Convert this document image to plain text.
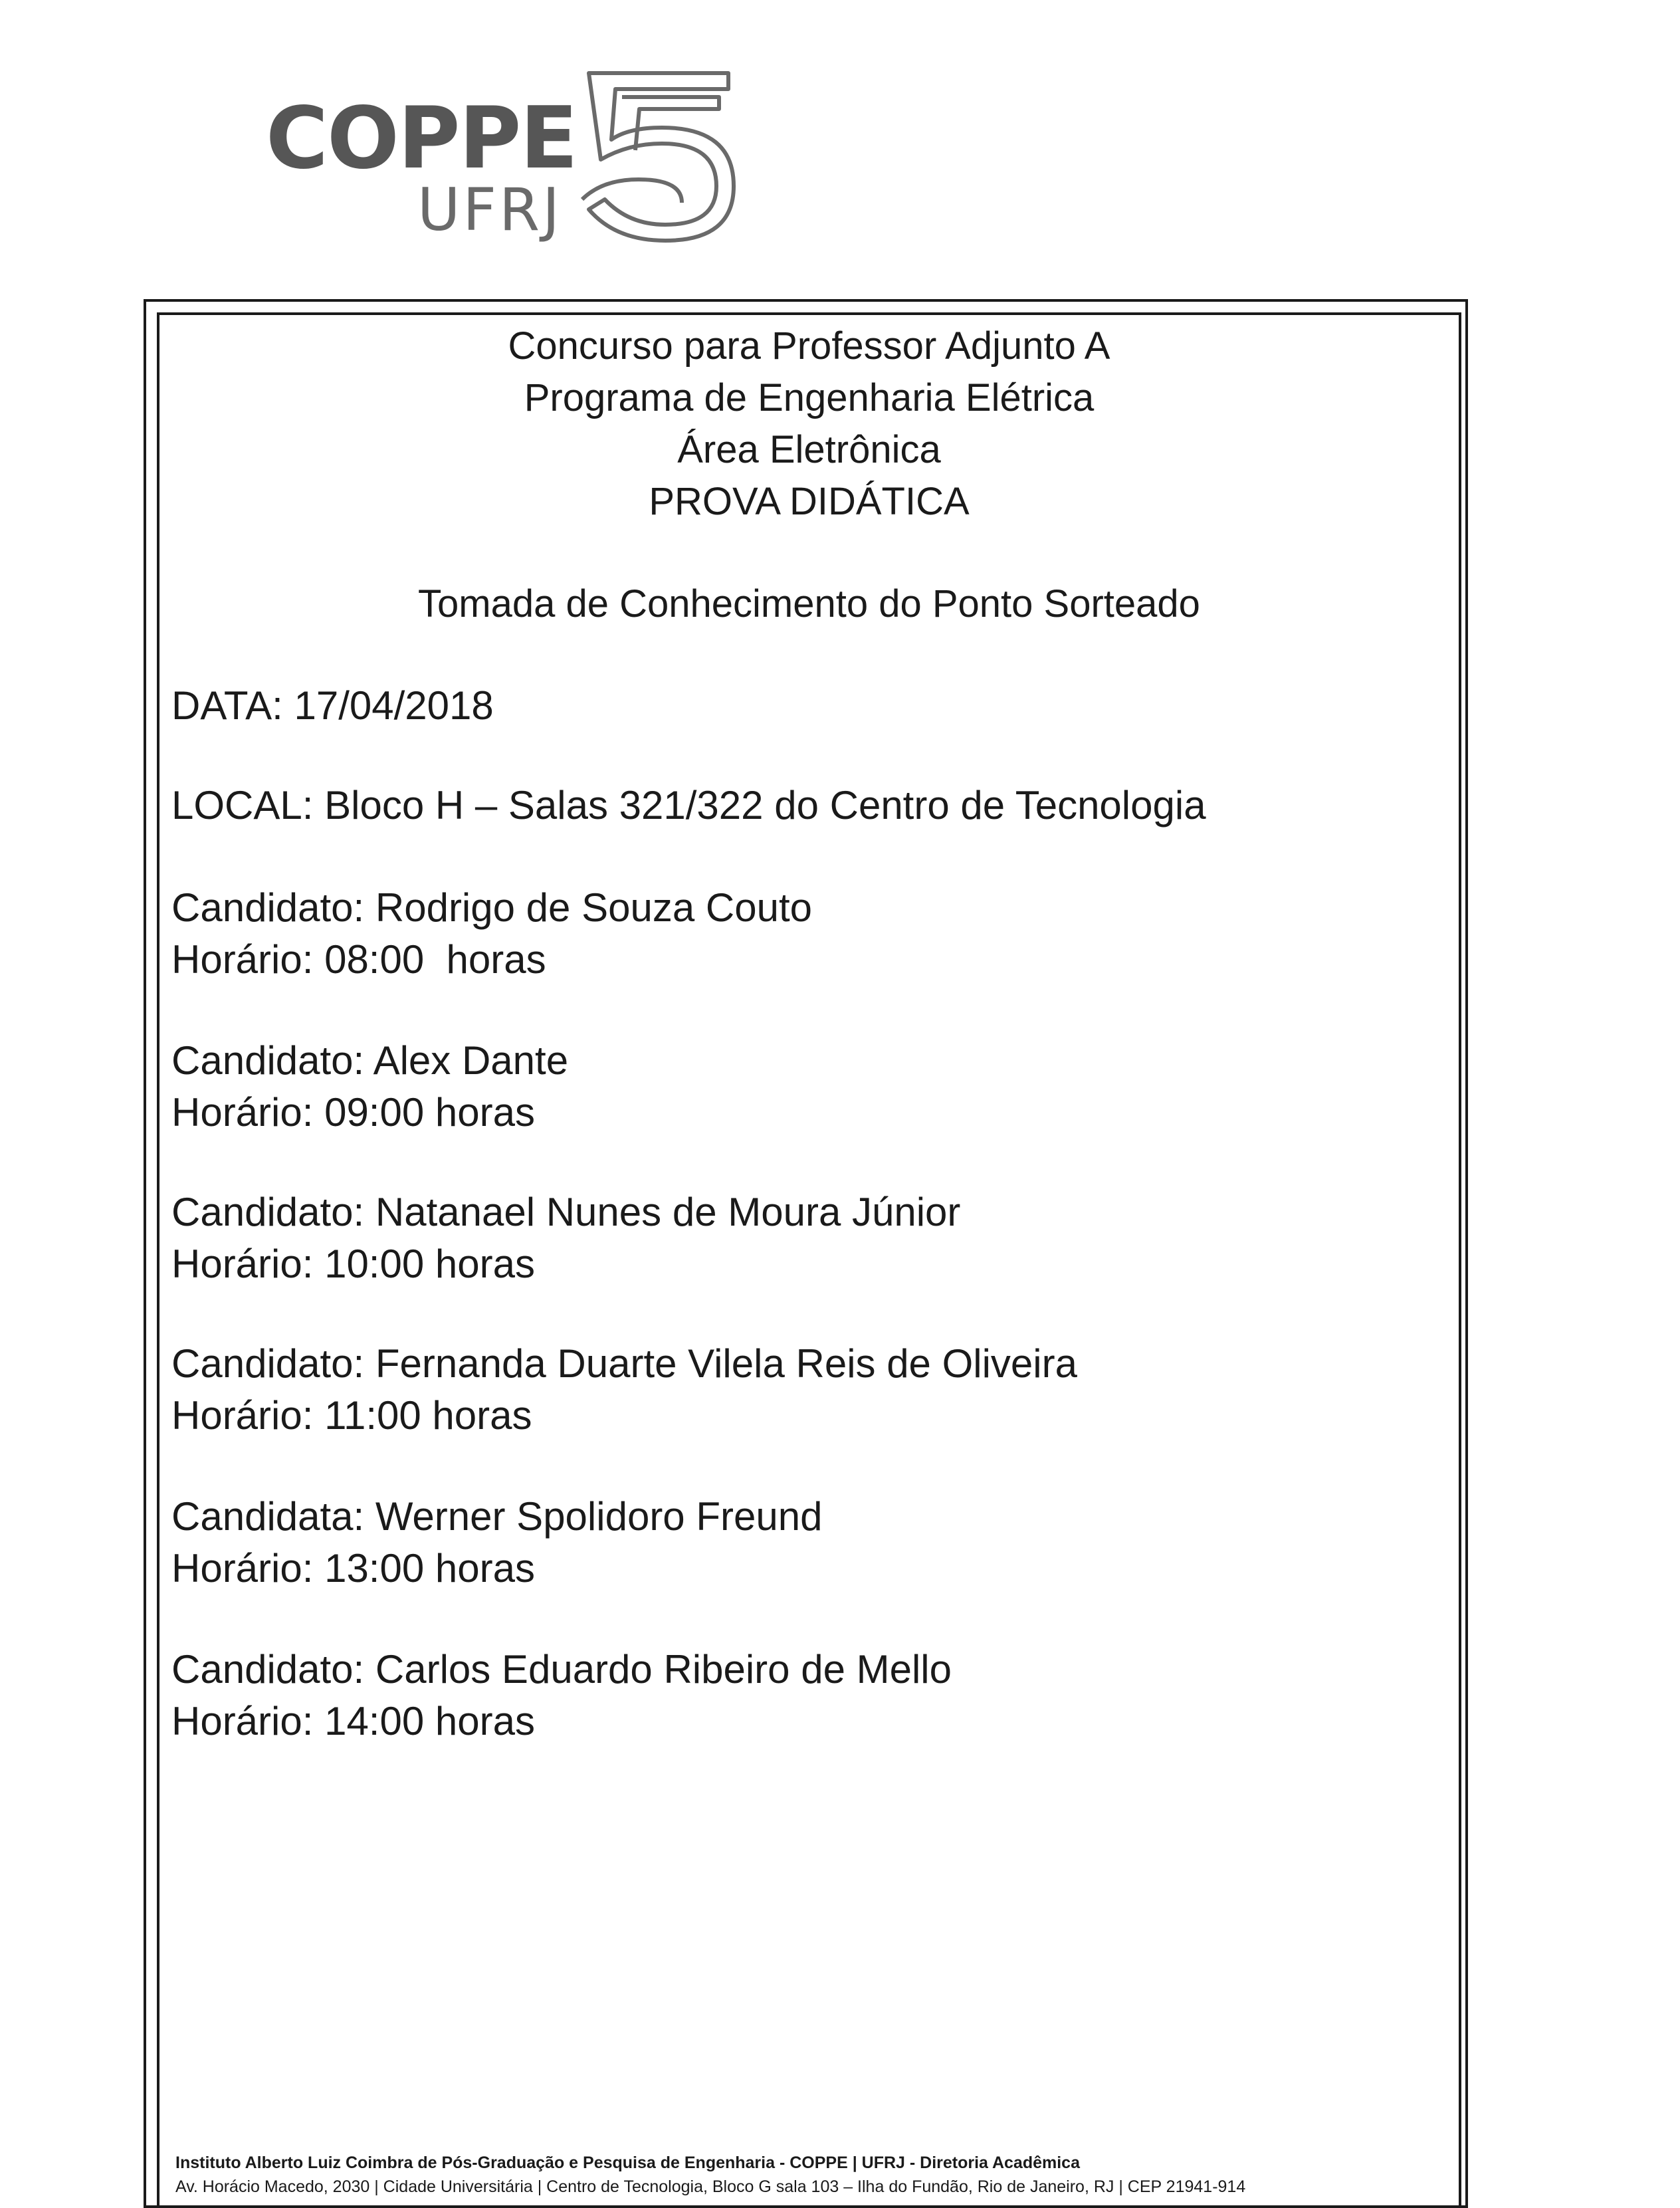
COPPE
UFRJ
Concurso para Professor Adjunto A
Programa de Engenharia Elétrica
Área Eletrônica
PROVA DIDÁTICA
Tomada de Conhecimento do Ponto Sorteado
DATA: 17/04/2018
LOCAL: Bloco H – Salas 321/322 do Centro de Tecnologia
Candidato: Rodrigo de Souza Couto
Horário: 08:00  horas
Candidato: Alex Dante
Horário: 09:00 horas
Candidato: Natanael Nunes de Moura Júnior
Horário: 10:00 horas
Candidato: Fernanda Duarte Vilela Reis de Oliveira
Horário: 11:00 horas
Candidata: Werner Spolidoro Freund
Horário: 13:00 horas
Candidato: Carlos Eduardo Ribeiro de Mello
Horário: 14:00 horas
Instituto Alberto Luiz Coimbra de Pós-Graduação e Pesquisa de Engenharia - COPPE | UFRJ - Diretoria Acadêmica
Av. Horácio Macedo, 2030 | Cidade Universitária | Centro de Tecnologia, Bloco G sala 103 – Ilha do Fundão, Rio de Janeiro, RJ | CEP 21941-914
